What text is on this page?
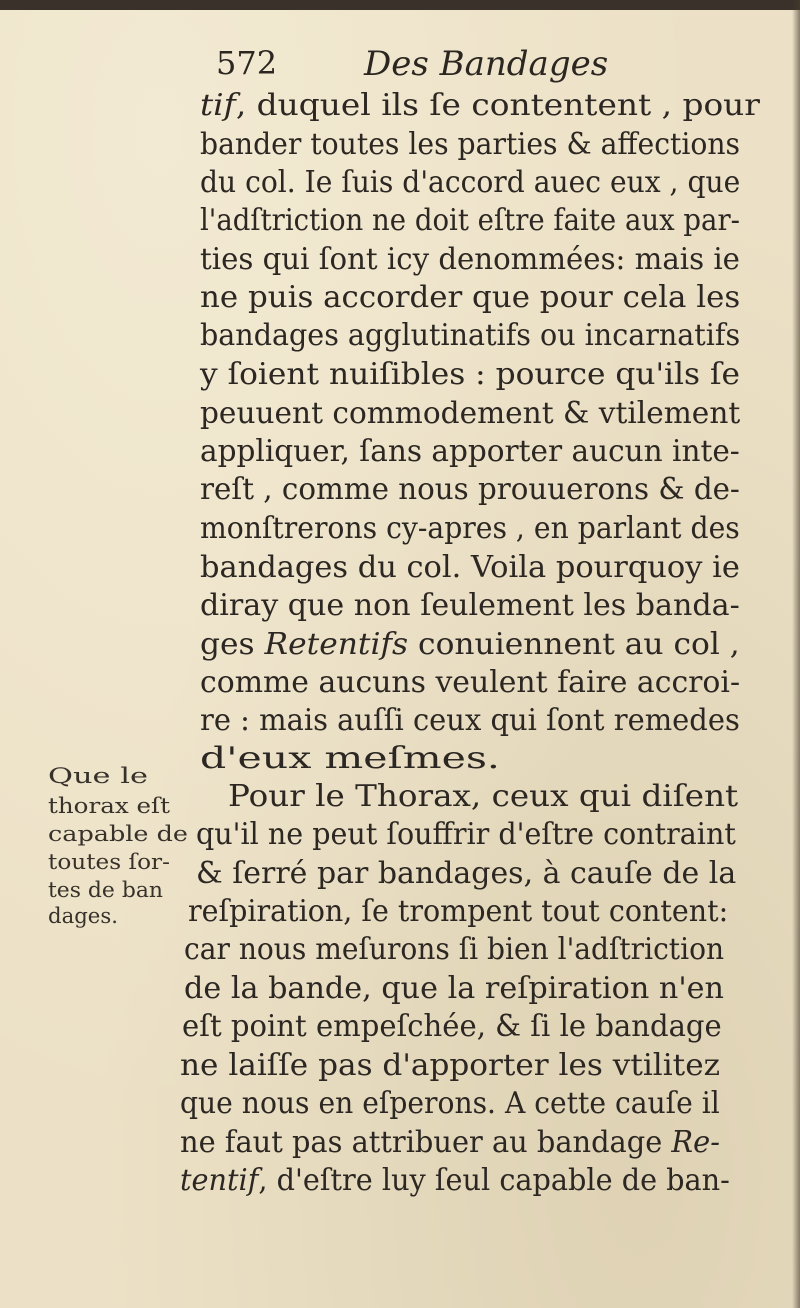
572	Des Bandages
tif, duquel ils ſe contentent , pour
bander toutes les parties & affections
du col. Ie ſuis d'accord auec eux , que
l'adſtriction ne doit eſtre faite aux par-
ties qui ſont icy denommées: mais ie
ne puis accorder que pour cela les
bandages agglutinatifs ou incarnatifs
y ſoient nuiſibles : pource qu'ils ſe
peuuent commodement & vtilement
appliquer, ſans apporter aucun inte-
reſt , comme nous prouuerons & de-
monſtrerons cy-apres , en parlant des
bandages du col. Voila pourquoy ie
diray que non ſeulement les banda-
ges Retentifs conuiennent au col ,
comme aucuns veulent faire accroi-
re : mais auſſi ceux qui ſont remedes
d'eux meſmes.
Pour le Thorax, ceux qui diſent
qu'il ne peut ſouffrir d'eſtre contraint
& ſerré par bandages, à cauſe de la
reſpiration, ſe trompent tout content:
car nous meſurons ſi bien l'adſtriction
de la bande, que la reſpiration n'en
eſt point empeſchée, & ſi le bandage
ne laiſſe pas d'apporter les vtilitez
que nous en eſperons. A cette cauſe il
ne faut pas attribuer au bandage Re-
tentif, d'eſtre luy ſeul capable de ban-
Que le
thorax eſt
capable de
toutes ſor-
tes de ban
dages.
